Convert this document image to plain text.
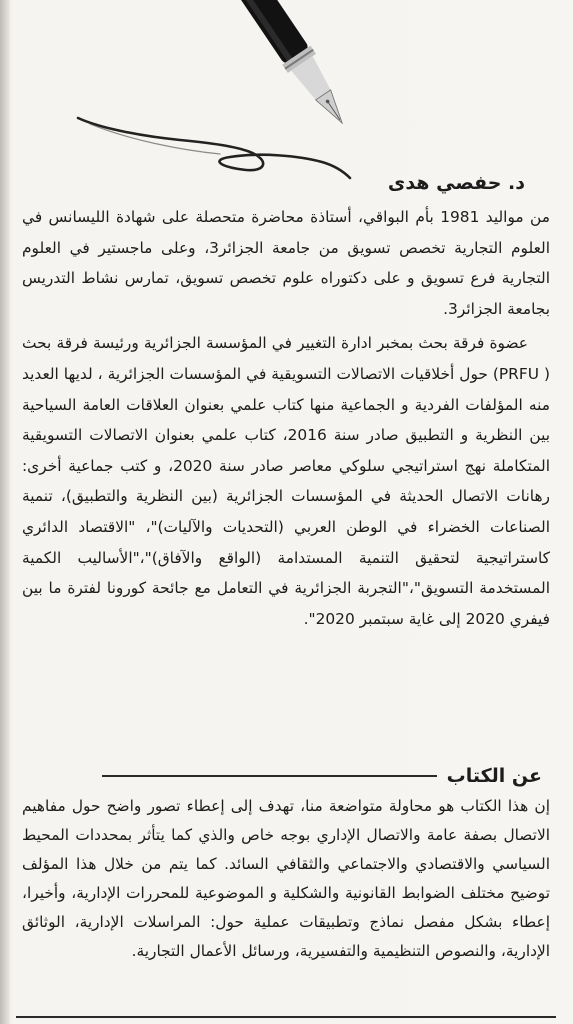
د. حفصي هدى

من مواليد 1981 بأم البواقي، أستاذة محاضرة متحصلة على شهادة الليسانس في العلوم التجارية تخصص تسويق من جامعة الجزائر3، وعلى ماجستير في العلوم التجارية فرع تسويق و على دكتوراه علوم تخصص تسويق، تمارس نشاط التدريس بجامعة الجزائر3.

عضوة فرقة بحث بمخبر ادارة التغيير في المؤسسة الجزائرية ورئيسة فرقة بحث ( PRFU) حول أخلاقيات الاتصالات التسويقية في المؤسسات الجزائرية ، لديها العديد منه المؤلفات الفردية و الجماعية منها كتاب علمي بعنوان العلاقات العامة السياحية بين النظرية و التطبيق صادر سنة 2016، كتاب علمي بعنوان الاتصالات التسويقية المتكاملة نهج استراتيجي سلوكي معاصر صادر سنة 2020، و كتب جماعية أخرى: رهانات الاتصال الحديثة في المؤسسات الجزائرية (بين النظرية والتطبيق)، تنمية الصناعات الخضراء في الوطن العربي (التحديات والآليات)"، "الاقتصاد الدائري كاستراتيجية لتحقيق التنمية المستدامة (الواقع والآفاق)"،"الأساليب الكمية المستخدمة التسويق"،"التجربة الجزائرية في التعامل مع جائحة كورونا لفترة ما بين فيفري 2020 إلى غاية سبتمبر 2020".

عن الكتاب

إن هذا الكتاب هو محاولة متواضعة منا، تهدف إلى إعطاء تصور واضح حول مفاهيم الاتصال بصفة عامة والاتصال الإداري بوجه خاص والذي كما يتأثر بمحددات المحيط السياسي والاقتصادي والاجتماعي والثقافي السائد. كما يتم من خلال هذا المؤلف توضيح مختلف الضوابط القانونية والشكلية و الموضوعية للمحررات الإدارية، وأخيرا، إعطاء بشكل مفصل نماذج وتطبيقات عملية حول: المراسلات الإدارية، الوثائق الإدارية، والنصوص التنظيمية والتفسيرية، ورسائل الأعمال التجارية.
